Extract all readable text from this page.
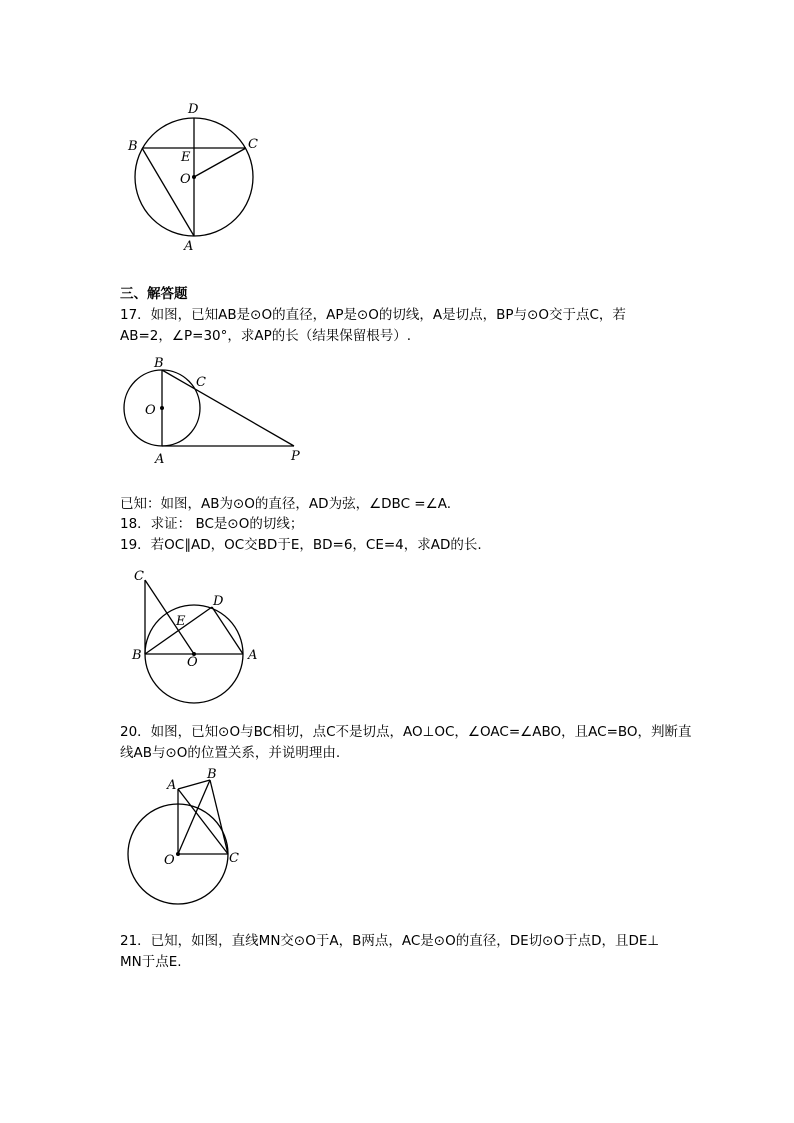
D
B	C
E
O
A
三、解答题
17．如图，已知AB是⊙O的直径，AP是⊙O的切线，A是切点，BP与⊙O交于点C，若
AB=2，∠P=30°，求AP的长（结果保留根号）.
B
C
O
A	P
已知：如图，AB为⊙O的直径，AD为弦，∠DBC =∠A.
18．求证： BC是⊙O的切线；
19．若OC∥AD，OC交BD于E，BD=6，CE=4，求AD的长.
C
D
E
B	O	A
20．如图，已知⊙O与BC相切，点C不是切点，AO⊥OC，∠OAC=∠ABO，且AC=BO，判断直
线AB与⊙O的位置关系，并说明理由.
A
B
O	C
21．已知，如图，直线MN交⊙O于A，B两点，AC是⊙O的直径，DE切⊙O于点D，且DE⊥
MN于点E.
